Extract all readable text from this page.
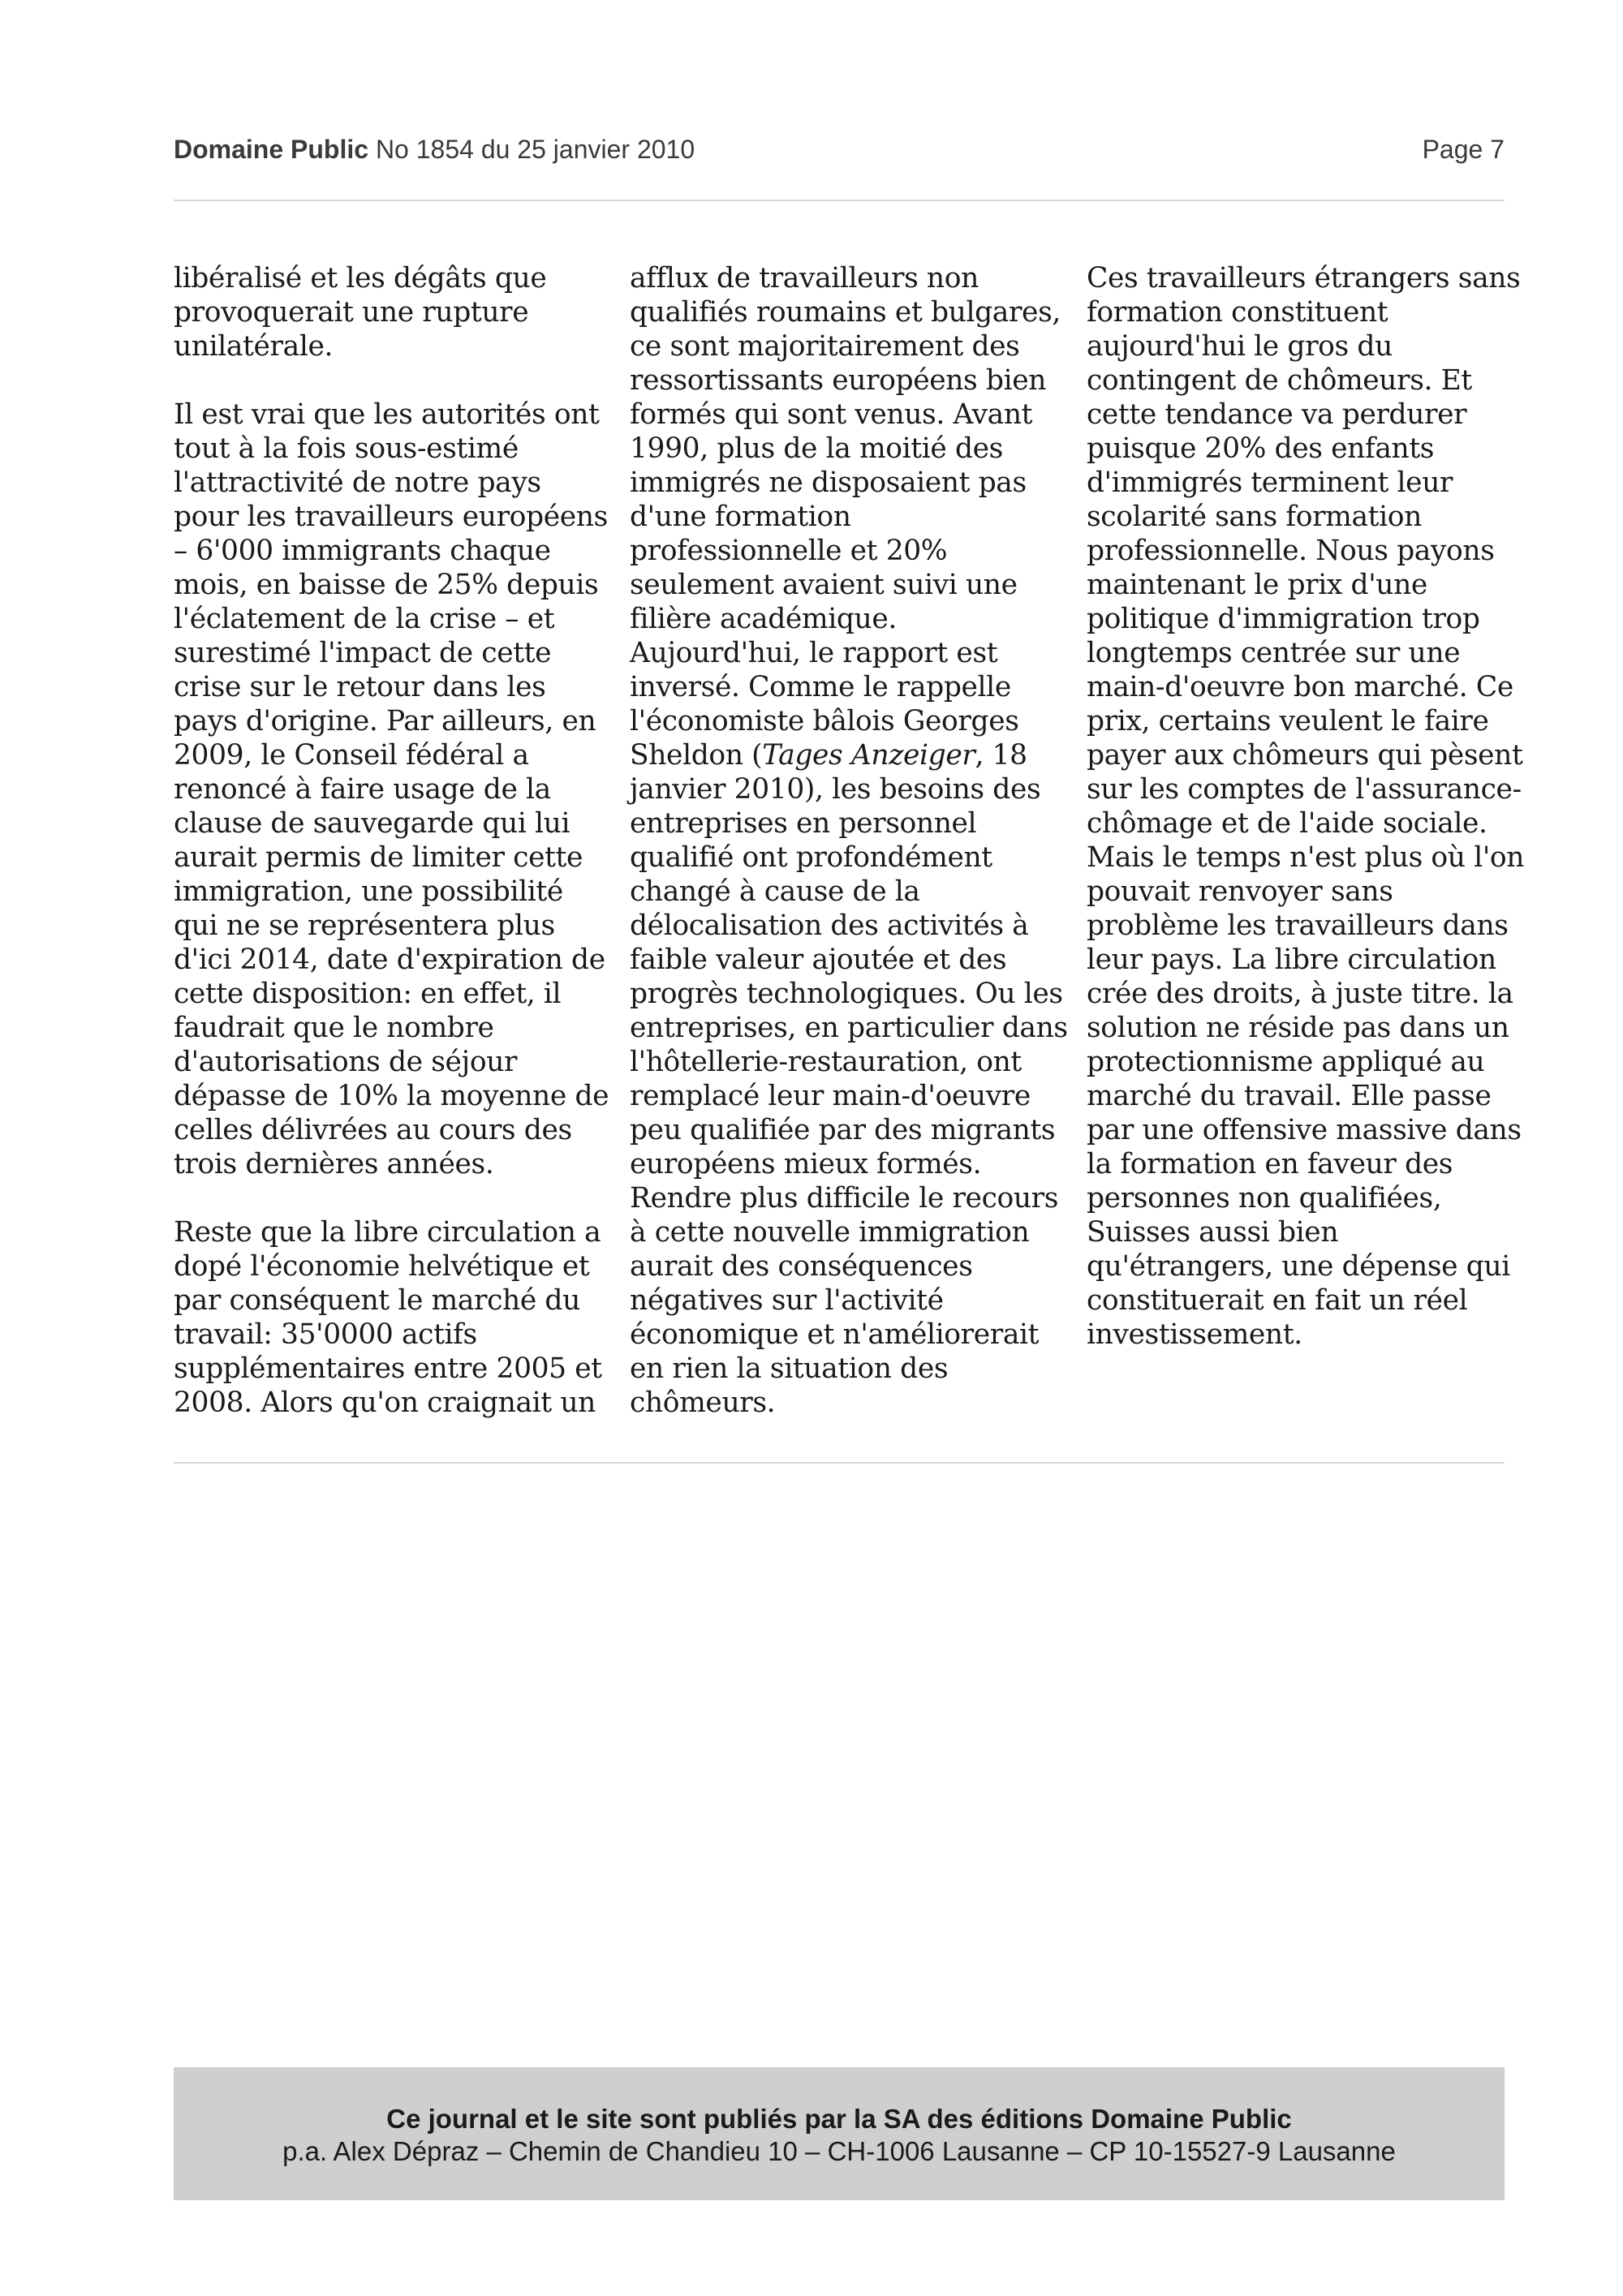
Domaine Public No 1854 du 25 janvier 2010	Page 7

libéralisé et les dégâts que provoquerait une rupture unilatérale.

Il est vrai que les autorités ont tout à la fois sous-estimé l'attractivité de notre pays pour les travailleurs européens – 6'000 immigrants chaque mois, en baisse de 25% depuis l'éclatement de la crise – et surestimé l'impact de cette crise sur le retour dans les pays d'origine. Par ailleurs, en 2009, le Conseil fédéral a renoncé à faire usage de la clause de sauvegarde qui lui aurait permis de limiter cette immigration, une possibilité qui ne se représentera plus d'ici 2014, date d'expiration de cette disposition: en effet, il faudrait que le nombre d'autorisations de séjour dépasse de 10% la moyenne de celles délivrées au cours des trois dernières années.

Reste que la libre circulation a dopé l'économie helvétique et par conséquent le marché du travail: 35'0000 actifs supplémentaires entre 2005 et 2008. Alors qu'on craignait un

afflux de travailleurs non qualifiés roumains et bulgares, ce sont majoritairement des ressortissants européens bien formés qui sont venus. Avant 1990, plus de la moitié des immigrés ne disposaient pas d'une formation professionnelle et 20% seulement avaient suivi une filière académique. Aujourd'hui, le rapport est inversé. Comme le rappelle l'économiste bâlois Georges Sheldon (Tages Anzeiger, 18 janvier 2010), les besoins des entreprises en personnel qualifié ont profondément changé à cause de la délocalisation des activités à faible valeur ajoutée et des progrès technologiques. Ou les entreprises, en particulier dans l'hôtellerie-restauration, ont remplacé leur main-d'oeuvre peu qualifiée par des migrants européens mieux formés. Rendre plus difficile le recours à cette nouvelle immigration aurait des conséquences négatives sur l'activité économique et n'améliorerait en rien la situation des chômeurs.

Ces travailleurs étrangers sans formation constituent aujourd'hui le gros du contingent de chômeurs. Et cette tendance va perdurer puisque 20% des enfants d'immigrés terminent leur scolarité sans formation professionnelle. Nous payons maintenant le prix d'une politique d'immigration trop longtemps centrée sur une main-d'oeuvre bon marché. Ce prix, certains veulent le faire payer aux chômeurs qui pèsent sur les comptes de l'assurance-chômage et de l'aide sociale. Mais le temps n'est plus où l'on pouvait renvoyer sans problème les travailleurs dans leur pays. La libre circulation crée des droits, à juste titre. la solution ne réside pas dans un protectionnisme appliqué au marché du travail. Elle passe par une offensive massive dans la formation en faveur des personnes non qualifiées, Suisses aussi bien qu'étrangers, une dépense qui constituerait en fait un réel investissement.

Ce journal et le site sont publiés par la SA des éditions Domaine Public
p.a. Alex Dépraz – Chemin de Chandieu 10 – CH-1006 Lausanne – CP 10-15527-9 Lausanne
